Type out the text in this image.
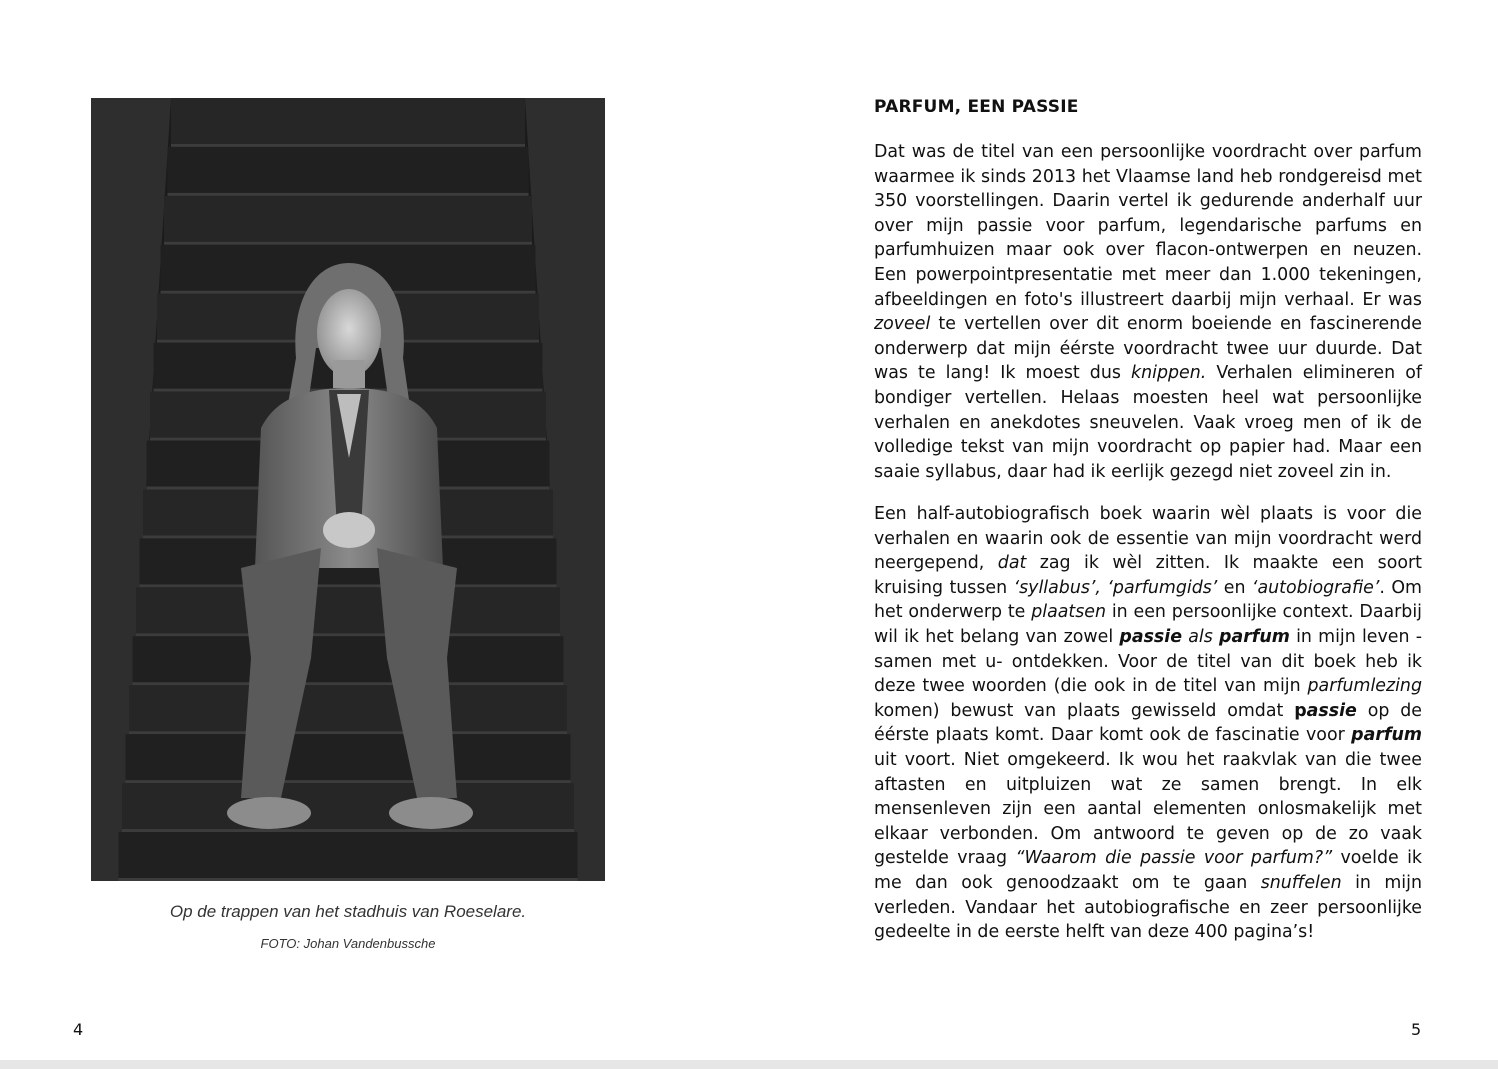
Op de trappen van het stadhuis van Roeselare.
FOTO: Johan Vandenbussche
4
PARFUM, EEN PASSIE

Dat was de titel van een persoonlijke voordracht over parfum waarmee ik sinds 2013 het Vlaamse land heb rondgereisd met 350 voorstellingen. Daarin vertel ik gedurende anderhalf uur over mijn passie voor parfum, legendarische parfums en parfumhuizen maar ook over flacon-ontwerpen en neuzen. Een powerpointpresentatie met meer dan 1.000 tekeningen, afbeeldingen en foto's illustreert daarbij mijn verhaal. Er was zoveel te vertellen over dit enorm boeiende en fascinerende onderwerp dat mijn éérste voordracht twee uur duurde. Dat was te lang! Ik moest dus knippen. Verhalen elimineren of bondiger vertellen. Helaas moesten heel wat persoonlijke verhalen en anekdotes sneuvelen. Vaak vroeg men of ik de volledige tekst van mijn voordracht op papier had. Maar een saaie syllabus, daar had ik eerlijk gezegd niet zoveel zin in.

Een half-autobiografisch boek waarin wèl plaats is voor die verhalen en waarin ook de essentie van mijn voordracht werd neergepend, dat zag ik wèl zitten. Ik maakte een soort kruising tussen ‘syllabus’, ‘parfumgids’ en ‘autobiografie’. Om het onderwerp te plaatsen in een persoonlijke context. Daarbij wil ik het belang van zowel passie als parfum in mijn leven -samen met u- ontdekken. Voor de titel van dit boek heb ik deze twee woorden (die ook in de titel van mijn parfumlezing komen) bewust van plaats gewisseld omdat passie op de éérste plaats komt. Daar komt ook de fascinatie voor parfum uit voort. Niet omgekeerd. Ik wou het raakvlak van die twee aftasten en uitpluizen wat ze samen brengt. In elk mensenleven zijn een aantal elementen onlosmakelijk met elkaar verbonden. Om antwoord te geven op de zo vaak gestelde vraag “Waarom die passie voor parfum?” voelde ik me dan ook genoodzaakt om te gaan snuffelen in mijn verleden. Vandaar het autobiografische en zeer persoonlijke gedeelte in de eerste helft van deze 400 pagina’s!

5
